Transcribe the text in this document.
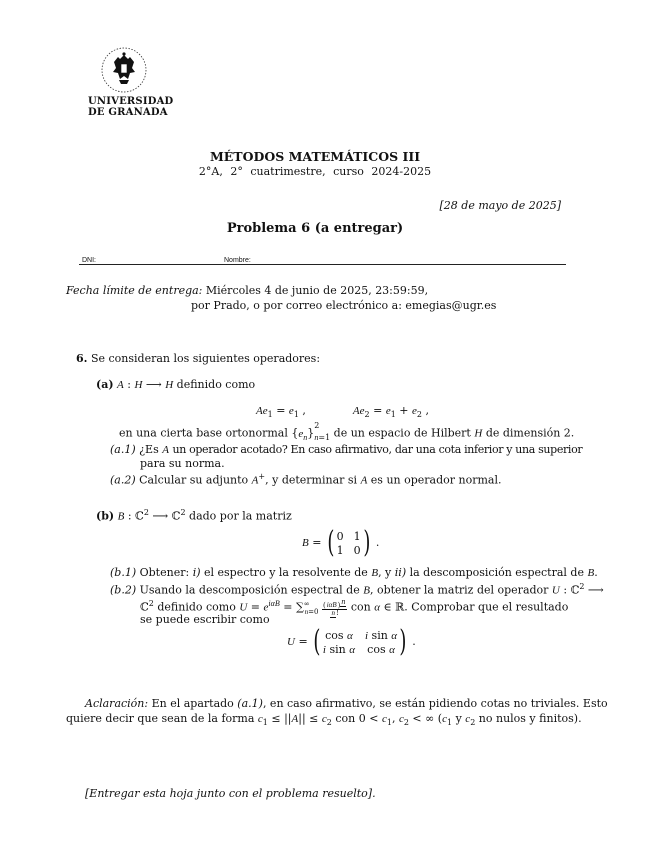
UNIVERSIDAD
DE GRANADA
MÉTODOS MATEMÁTICOS III
2°A, 2° cuatrimestre, curso 2024-2025
[28 de mayo de 2025]
Problema 6 (a entregar)
DNI:	Nombre:
Fecha límite de entrega: Miércoles 4 de junio de 2025, 23:59:59,
por Prado, o por correo electrónico a: emegias@ugr.es
6. Se consideran los siguientes operadores:
(a) A : H ⟶ H definido como
$Ae_1 = e_1$ ,	$Ae_2 = e_1 + e_2$ ,
en una cierta base ortonormal $\{e_n\}^2_{n=1}$ de un espacio de Hilbert H de dimensión 2.
(a.1) ¿Es A un operador acotado? En caso afirmativo, dar una cota inferior y una superior
para su norma.
(a.2) Calcular su adjunto A+, y determinar si A es un operador normal.
(b) B : ℂ$^2$ ⟶ ℂ$^2$ dado por la matriz
B = ( 0 1
1 0 ) .
(b.1) Obtener: i) el espectro y la resolvente de B, y ii) la descomposición espectral de B.
(b.2) Usando la descomposición espectral de B, obtener la matriz del operador U : ℂ$^2$ ⟶
ℂ$^2$ definido como $U = e^{i\alpha B} = \sum^\infty_{n=0} \frac{(i\alpha B)^n}{n!}$ con α ∈ ℝ. Comprobar que el resultado
se puede escribir como
U = ( cos α i sin α
i sin α cos α ) .
Aclaración: En el apartado (a.1), en caso afirmativo, se están pidiendo cotas no triviales. Esto
quiere decir que sean de la forma $c_1 \le ||A|| \le c_2$ con $0 < c_1$, $c_2$ < ∞ ($c_1$ y $c_2$ no nulos y finitos).
[Entregar esta hoja junto con el problema resuelto].
